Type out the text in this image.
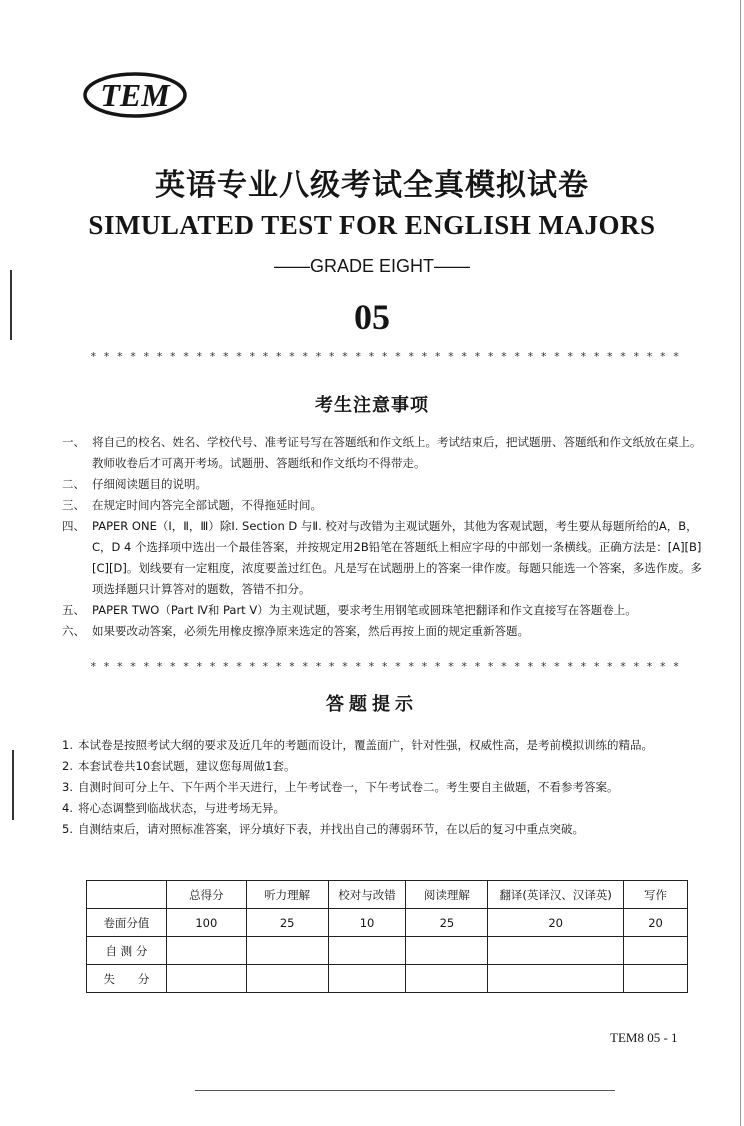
TEM
英语专业八级考试全真模拟试卷
SIMULATED TEST FOR ENGLISH MAJORS
——GRADE EIGHT——
05
* * * * * * * * * * * * * * * * * * * * * * * * * * * * * * * * * * * * * * * * * * * * *
考生注意事项
一、 将自己的校名、姓名、学校代号、准考证号写在答题纸和作文纸上。考试结束后，把试题册、答题纸和作文纸放在桌上。教师收卷后才可离开考场。试题册、答题纸和作文纸均不得带走。
二、 仔细阅读题目的说明。
三、 在规定时间内答完全部试题，不得拖延时间。
四、 PAPER ONE（Ⅰ，Ⅱ，Ⅲ）除Ⅰ. Section D 与Ⅱ. 校对与改错为主观试题外，其他为客观试题，考生要从每题所给的A，B，C，D 4 个选择项中选出一个最佳答案，并按规定用2B铅笔在答题纸上相应字母的中部划一条横线。正确方法是：[A][B][C][D]。划线要有一定粗度，浓度要盖过红色。凡是写在试题册上的答案一律作废。每题只能选一个答案，多选作废。多项选择题只计算答对的题数，答错不扣分。
五、 PAPER TWO（Part Ⅳ和 Part Ⅴ）为主观试题，要求考生用钢笔或圆珠笔把翻译和作文直接写在答题卷上。
六、 如果要改动答案，必须先用橡皮擦净原来选定的答案，然后再按上面的规定重新答题。
* * * * * * * * * * * * * * * * * * * * * * * * * * * * * * * * * * * * * * * * * * * * *
答题提示
1. 本试卷是按照考试大纲的要求及近几年的考题而设计，覆盖面广，针对性强，权威性高，是考前模拟训练的精品。
2. 本套试卷共10套试题，建议您每周做1套。
3. 自测时间可分上午、下午两个半天进行，上午考试卷一，下午考试卷二。考生要自主做题，不看参考答案。
4. 将心态调整到临战状态，与进考场无异。
5. 自测结束后，请对照标准答案，评分填好下表，并找出自己的薄弱环节，在以后的复习中重点突破。
	总得分	听力理解	校对与改错	阅读理解	翻译(英译汉、汉译英)	写作
卷面分值	100	25	10	25	20	20
自 测 分						
失　　分						
TEM8 05 - 1
